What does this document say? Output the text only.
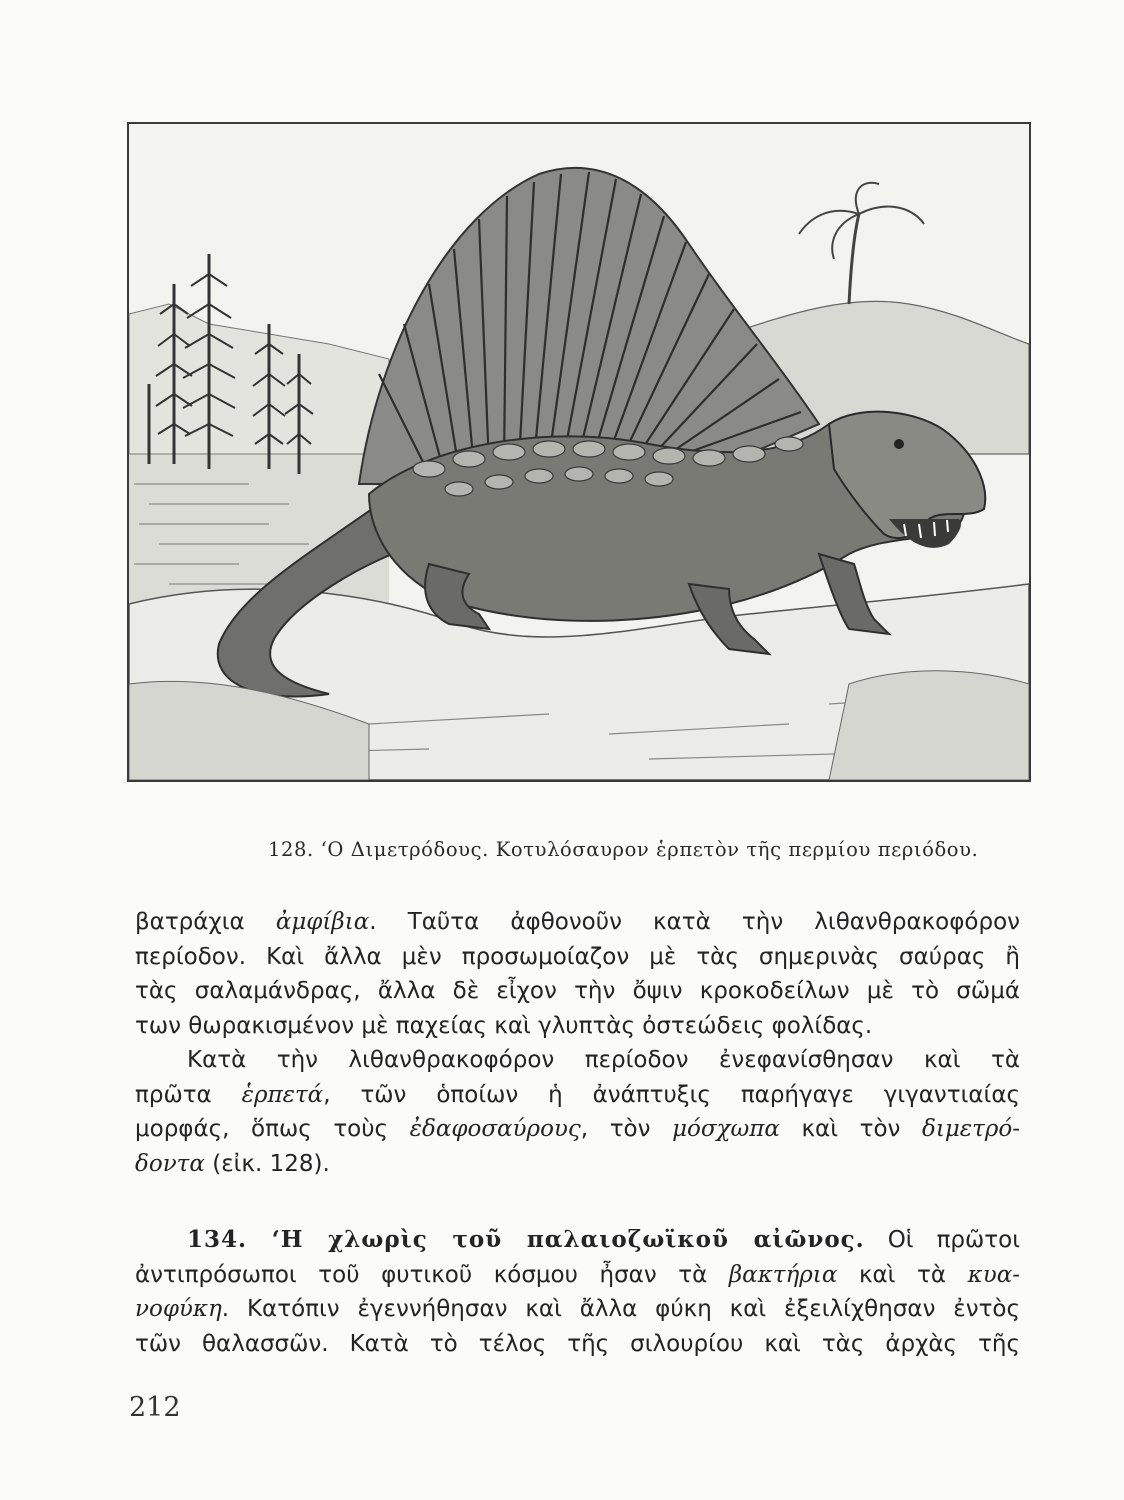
128. ‘Ο Διμετρόδους. Κοτυλόσαυρον ἑρπετὸν τῆς περμίου περιόδου.
βατράχια ἀμφίβια. Ταῦτα ἀφθονοῦν κατὰ τὴν λιθανθρακοφόρον
περίοδον. Καὶ ἄλλα μὲν προσωμοίαζον μὲ τὰς σημερινὰς σαύρας ἢ
τὰς σαλαμάνδρας, ἄλλα δὲ εἶχον τὴν ὄψιν κροκοδείλων μὲ τὸ σῶμά
των θωρακισμένον μὲ παχείας καὶ γλυπτὰς ὀστεώδεις φολίδας.
Κατὰ τὴν λιθανθρακοφόρον περίοδον ἐνεφανίσθησαν καὶ τὰ
πρῶτα ἑρπετά, τῶν ὁποίων ἡ ἀνάπτυξις παρήγαγε γιγαντιαίας
μορφάς, ὅπως τοὺς ἐδαφοσαύρους, τὸν μόσχωπα καὶ τὸν διμετρό-
δοντα (εἰκ. 128).
134. ‘Η χλωρὶς τοῦ παλαιοζωϊκοῦ αἰῶνος. Οἱ πρῶτοι
ἀντιπρόσωποι τοῦ φυτικοῦ κόσμου ἦσαν τὰ βακτήρια καὶ τὰ κυα-
νοφύκη. Κατόπιν ἐγεννήθησαν καὶ ἄλλα φύκη καὶ ἐξειλίχθησαν ἐντὸς
τῶν θαλασσῶν. Κατὰ τὸ τέλος τῆς σιλουρίου καὶ τὰς ἀρχὰς τῆς
212
